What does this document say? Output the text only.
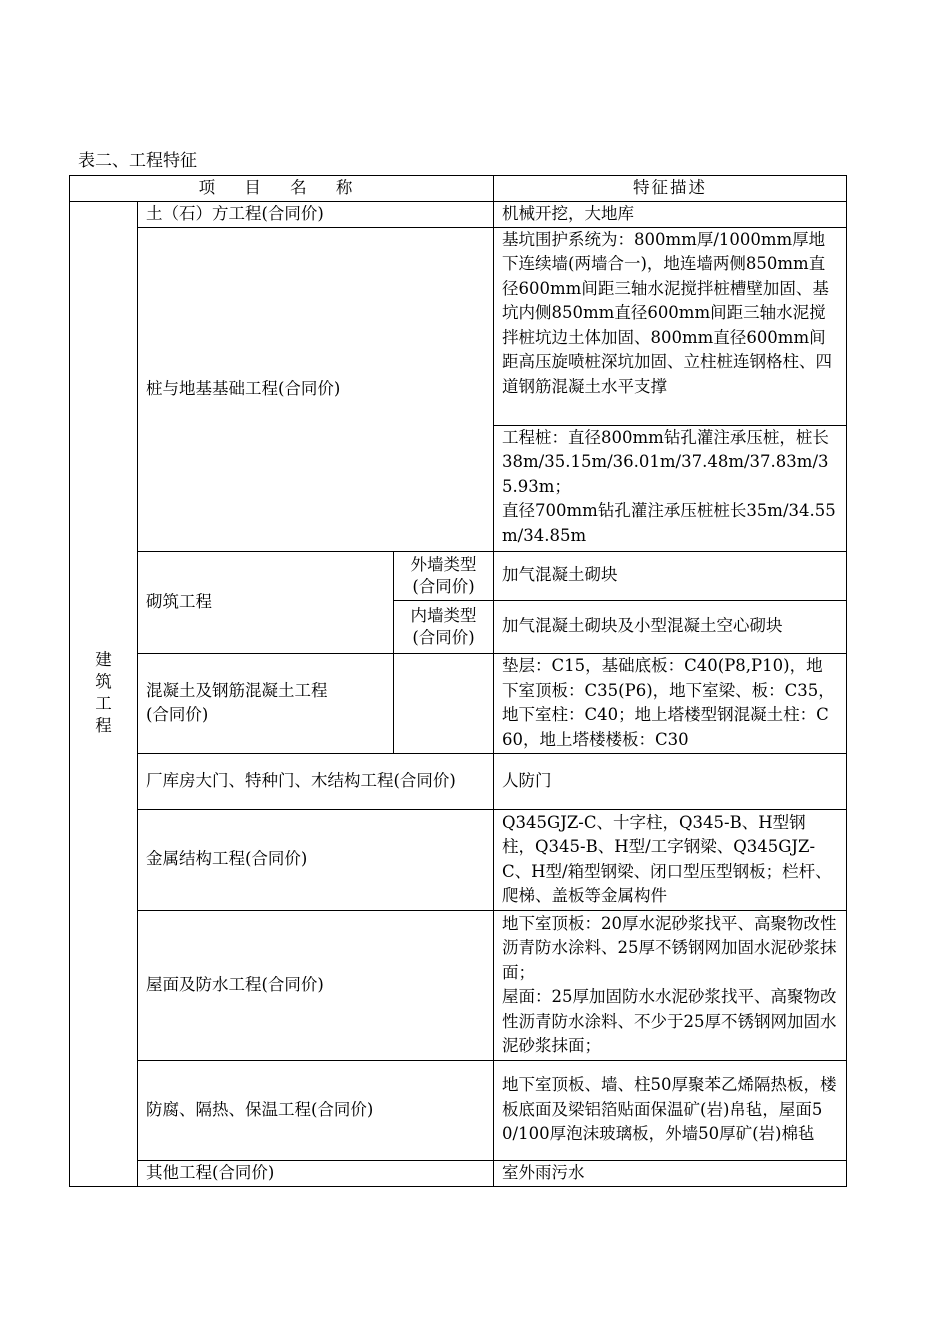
表二、工程特征
项 目 名 称			特征描述
建筑工程	土（石）方工程(合同价)		机械开挖，大地库
	桩与地基基础工程(合同价)		基坑围护系统为：800mm厚/1000mm厚地下连续墙(两墙合一)，地连墙两侧850mm直径600mm间距三轴水泥搅拌桩槽壁加固、基坑内侧850mm直径600mm间距三轴水泥搅拌桩坑边土体加固、800mm直径600mm间距高压旋喷桩深坑加固、立柱桩连钢格柱、四道钢筋混凝土水平支撑

			工程桩：直径800mm钻孔灌注承压桩，桩长38m/35.15m/36.01m/37.48m/37.83m/35.93m；
直径700mm钻孔灌注承压桩桩长35m/34.55m/34.85m

	砌筑工程	外墙类型(合同价)	加气混凝土砌块
		内墙类型(合同价)	加气混凝土砌块及小型混凝土空心砌块

	混凝土及钢筋混凝土工程
(合同价)		垫层：C15，基础底板：C40(P8,P10)，地下室顶板：C35(P6)，地下室梁、板：C35，地下室柱：C40；地上塔楼型钢混凝土柱：C60，地上塔楼楼板：C30
	厂库房大门、特种门、木结构工程(合同价)		人防门
	金属结构工程(合同价)		Q345GJZ-C、十字柱，Q345-B、H型钢柱，Q345-B、H型/工字钢梁、Q345GJZ-C、H型/箱型钢梁、闭口型压型钢板；栏杆、爬梯、盖板等金属构件
	屋面及防水工程(合同价)		地下室顶板：20厚水泥砂浆找平、高聚物改性沥青防水涂料、25厚不锈钢网加固水泥砂浆抹面；
屋面：25厚加固防水水泥砂浆找平、高聚物改性沥青防水涂料、不少于25厚不锈钢网加固水泥砂浆抹面；

	防腐、隔热、保温工程(合同价)		地下室顶板、墙、柱50厚聚苯乙烯隔热板，楼板底面及梁铝箔贴面保温矿(岩)帛毡，屋面50/100厚泡沫玻璃板，外墙50厚矿(岩)棉毡
	其他工程(合同价)		室外雨污水
